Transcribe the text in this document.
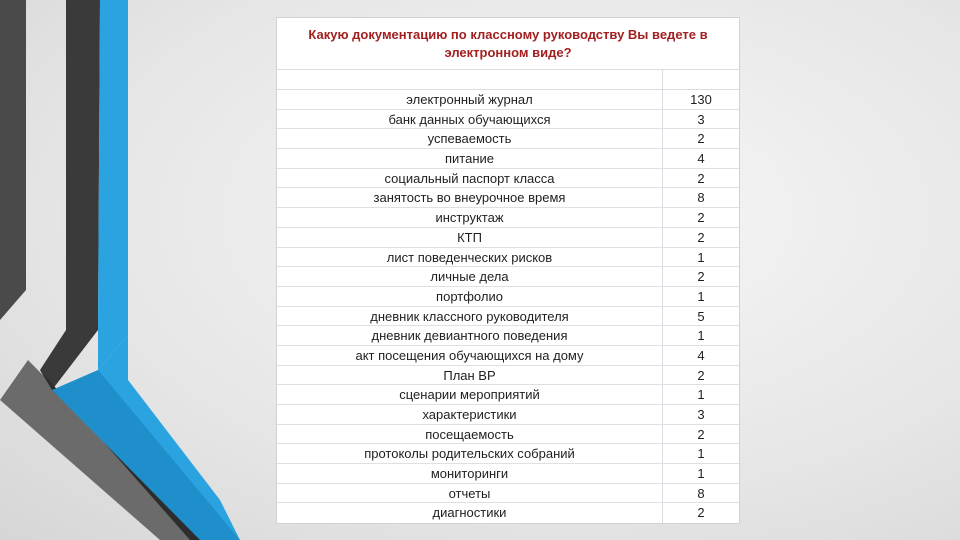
Какую документацию по классному руководству Вы ведете в электронном виде?
электронный журнал	130
банк данных обучающихся	3
успеваемость	2
питание	4
социальный паспорт класса	2
занятость во внеурочное время	8
инструктаж	2
КТП	2
лист поведенческих рисков	1
личные дела	2
портфолио	1
дневник классного руководителя	5
дневник девиантного поведения	1
акт посещения обучающихся на дому	4
План ВР	2
сценарии мероприятий	1
характеристики	3
посещаемость	2
протоколы родительских собраний	1
мониторинги	1
отчеты	8
диагностики	2
